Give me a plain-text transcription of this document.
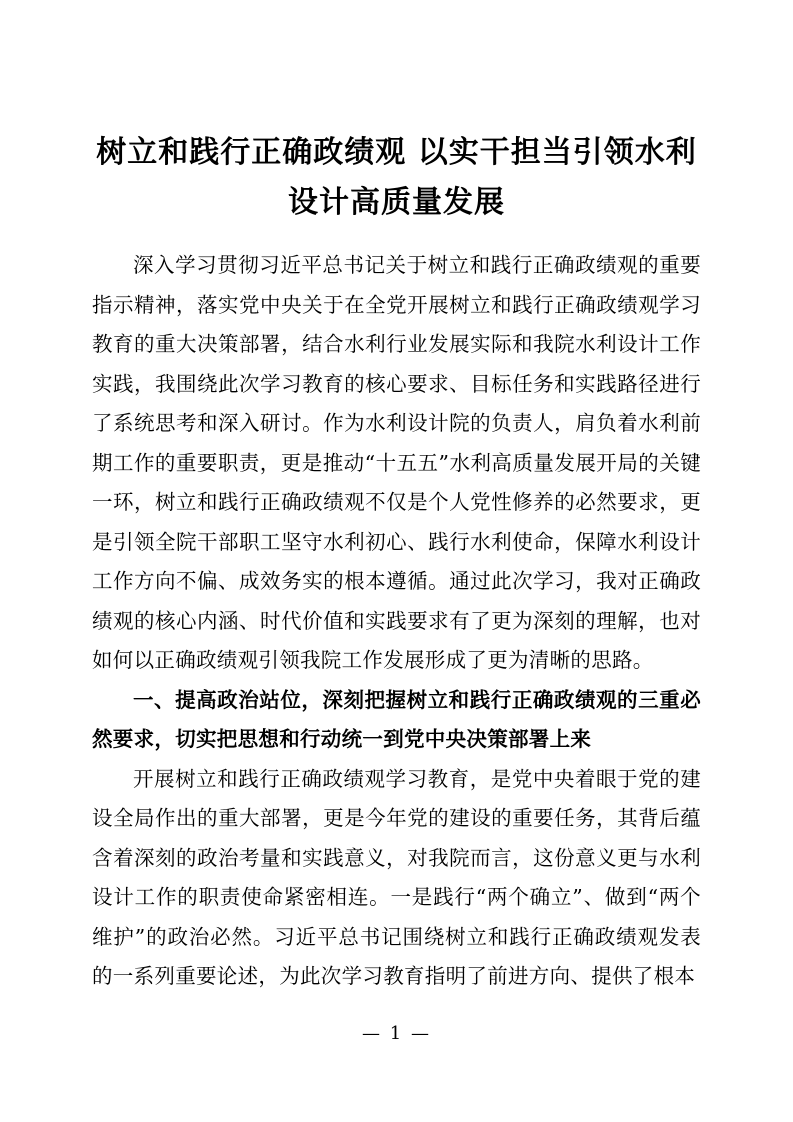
树立和践行正确政绩观 以实干担当引领水利
设计高质量发展

深入学习贯彻习近平总书记关于树立和践行正确政绩观的重要指示精神，落实党中央关于在全党开展树立和践行正确政绩观学习教育的重大决策部署，结合水利行业发展实际和我院水利设计工作实践，我围绕此次学习教育的核心要求、目标任务和实践路径进行了系统思考和深入研讨。作为水利设计院的负责人，肩负着水利前期工作的重要职责，更是推动“十五五”水利高质量发展开局的关键一环，树立和践行正确政绩观不仅是个人党性修养的必然要求，更是引领全院干部职工坚守水利初心、践行水利使命，保障水利设计工作方向不偏、成效务实的根本遵循。通过此次学习，我对正确政绩观的核心内涵、时代价值和实践要求有了更为深刻的理解，也对如何以正确政绩观引领我院工作发展形成了更为清晰的思路。

一、提高政治站位，深刻把握树立和践行正确政绩观的三重必然要求，切实把思想和行动统一到党中央决策部署上来

开展树立和践行正确政绩观学习教育，是党中央着眼于党的建设全局作出的重大部署，更是今年党的建设的重要任务，其背后蕴含着深刻的政治考量和实践意义，对我院而言，这份意义更与水利设计工作的职责使命紧密相连。一是践行“两个确立”、做到“两个维护”的政治必然。习近平总书记围绕树立和践行正确政绩观发表的一系列重要论述，为此次学习教育指明了前进方向、提供了根本

— 1 —
